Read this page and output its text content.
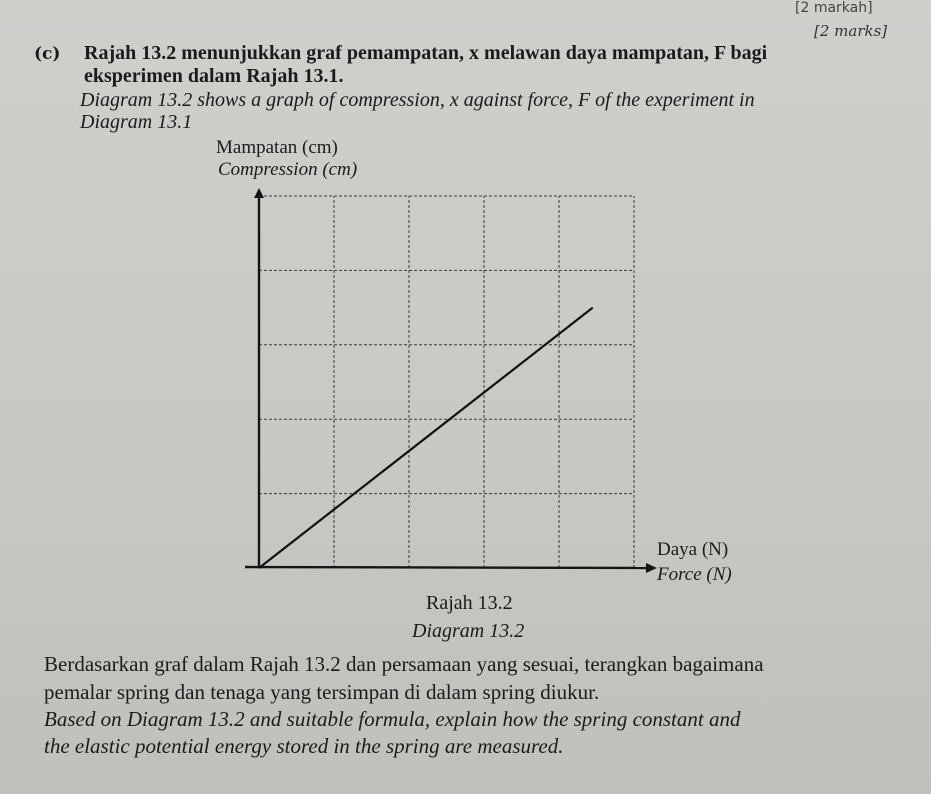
[2 markah]
[2 marks]
(c) Rajah 13.2 menunjukkan graf pemampatan, x melawan daya mampatan, F bagi
eksperimen dalam Rajah 13.1.
Diagram 13.2 shows a graph of compression, x against force, F of the experiment in
Diagram 13.1
Mampatan (cm)
Compression (cm)
Daya (N)
Force (N)
Rajah 13.2
Diagram 13.2
Berdasarkan graf dalam Rajah 13.2 dan persamaan yang sesuai, terangkan bagaimana
pemalar spring dan tenaga yang tersimpan di dalam spring diukur.
Based on Diagram 13.2 and suitable formula, explain how the spring constant and
the elastic potential energy stored in the spring are measured.
